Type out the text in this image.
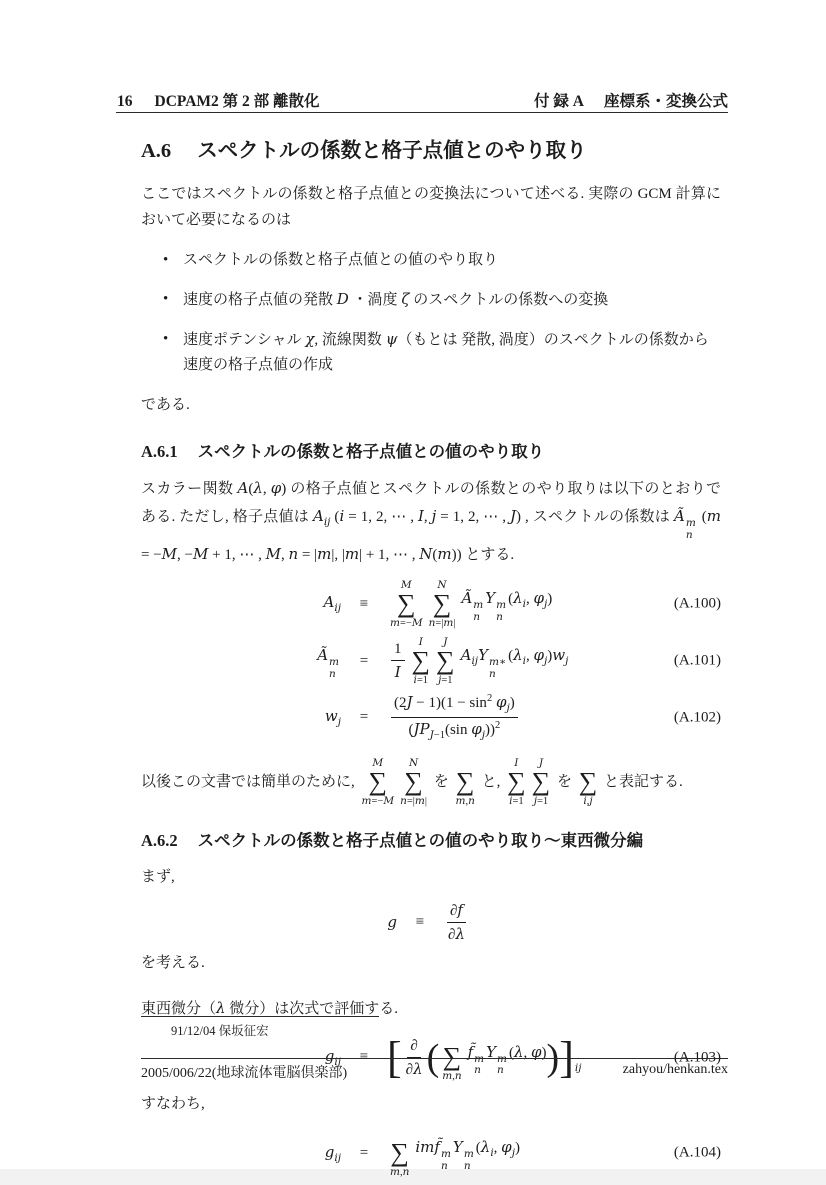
16 DCPAM2 第 2 部 離散化	付 録 A 座標系・変換公式
A.6 スペクトルの係数と格子点値とのやり取り

ここではスペクトルの係数と格子点値との変換法について述べる. 実際の GCM 計算において必要になるのは

• スペクトルの係数と格子点値との値のやり取り
• 速度の格子点値の発散 D ・渦度 ζ のスペクトルの係数への変換
• 速度ポテンシャル χ, 流線関数 ψ（もとは 発散, 渦度）のスペクトルの係数から速度の格子点値の作成

である.

A.6.1 スペクトルの係数と格子点値との値のやり取り

スカラー関数 A(λ, φ) の格子点値とスペクトルの係数とのやり取りは以下のとおりである. ただし, 格子点値は $A_{ij}$ (i = 1, 2, ⋯ , I, j = 1, 2, ⋯ , J) , スペクトルの係数は Ã m
n
(m = −M, −M + 1, ⋯ , M, n = |m|, |m| + 1, ⋯ , N(m)) とする.

$A_{ij}$	≡
M
∑
m=−M
N
∑
n=|m|
Ã m
n
Y m
n
($\lambda_i$, $\varphi_j$)	(A.100)
Ã m
n
=	$\frac{1}{I}$ I
∑
i=1
J
∑
j=1
$A_{ij}Y$ m∗
n
($\lambda_i$, $\varphi_j)w_j$	(A.101)
$w_j$	=	$\frac{(2J - 1)(1 - \sin^2 \varphi_j)}{(JP_{J-1}(\sin \varphi_j))^2}$	(A.102)

以後この文書では簡単のために,
M
∑
m=−M
N
∑
n=|m|
を
∑
m,n
と,
I
∑
i=1
J
∑
j=1
を
∑
i,j
と表記する.

A.6.2 スペクトルの係数と格子点値との値のやり取り〜東西微分編

まず,

g	≡	$\frac{\partial f}{\partial\lambda}$

を考える.

東西微分（λ 微分）は次式で評価する.

$g_{ij}$	≡ [ $\frac{\partial}{\partial\lambda}$ (
∑
m,n
f̃ m
n
Y m
n
(λ, φ) ) ] ij
(A.103)

すなわち,

$g_{ij}$	=
∑
m,n
imf̃ m
n
Y m
n
($\lambda_i$, $\varphi_j$)	(A.104)
91/12/04 保坂征宏
2005/006/22(地球流体電脳倶楽部)	zahyou/henkan.tex
